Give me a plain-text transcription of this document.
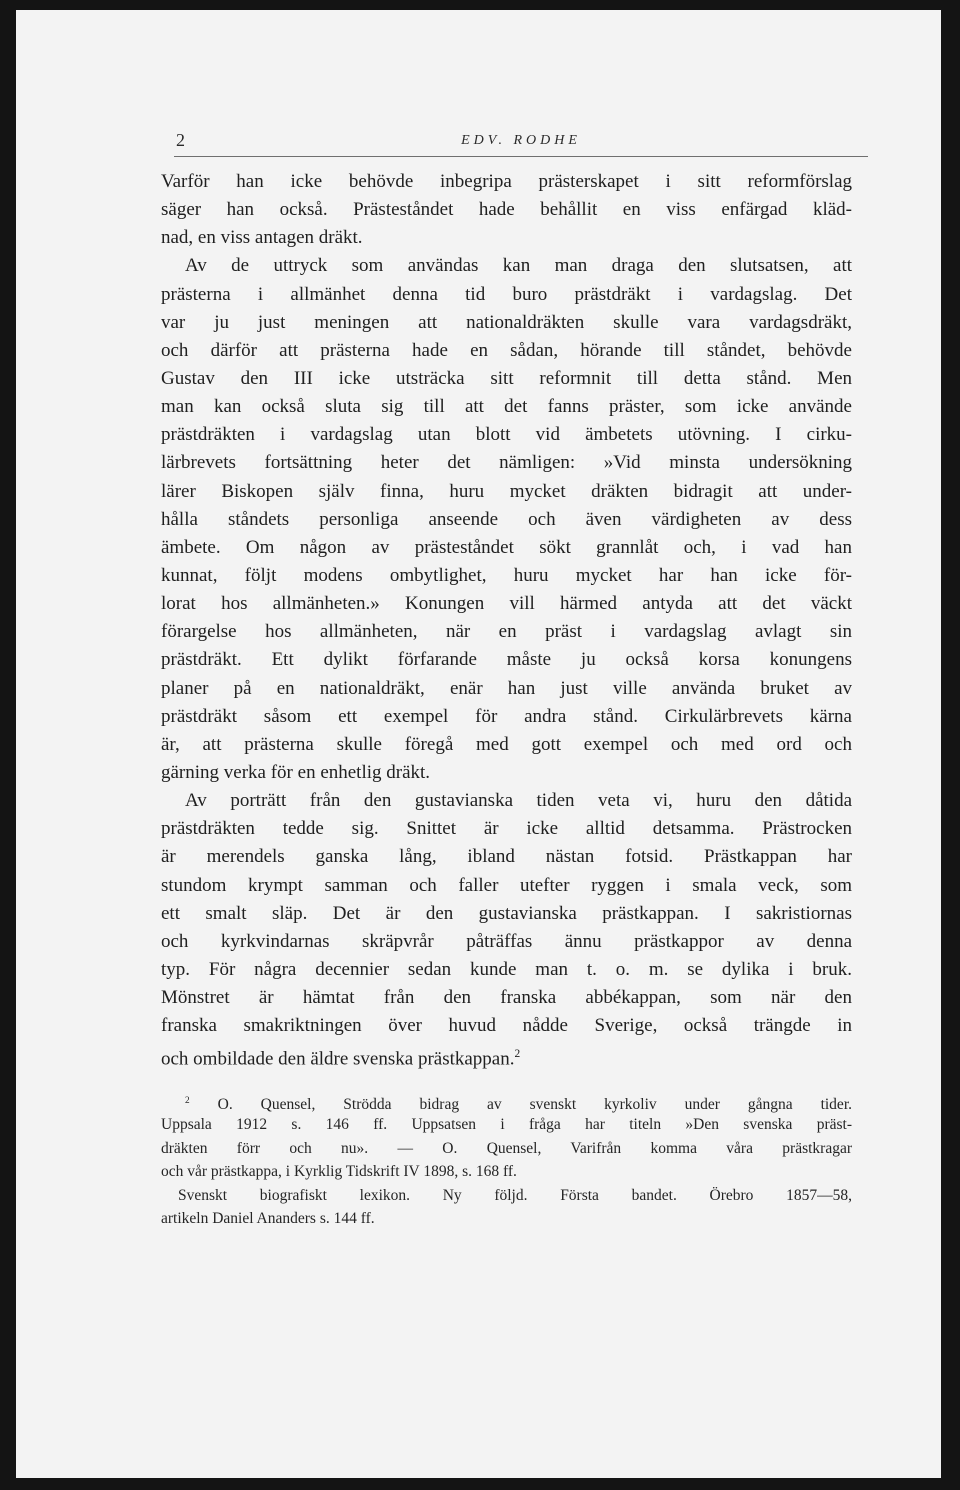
2	EDV. RODHE
Varför han icke behövde inbegripa prästerskapet i sitt reformförslag
säger han också. Prästeståndet hade behållit en viss enfärgad kläd-
nad, en viss antagen dräkt.
Av de uttryck som användas kan man draga den slutsatsen, att
prästerna i allmänhet denna tid buro prästdräkt i vardagslag. Det
var ju just meningen att nationaldräkten skulle vara vardagsdräkt,
och därför att prästerna hade en sådan, hörande till ståndet, behövde
Gustav den III icke utsträcka sitt reformnit till detta stånd. Men
man kan också sluta sig till att det fanns präster, som icke använde
prästdräkten i vardagslag utan blott vid ämbetets utövning. I cirku-
lärbrevets fortsättning heter det nämligen: »Vid minsta undersökning
lärer Biskopen själv finna, huru mycket dräkten bidragit att under-
hålla ståndets personliga anseende och även värdigheten av dess
ämbete. Om någon av prästeståndet sökt grannlåt och, i vad han
kunnat, följt modens ombytlighet, huru mycket har han icke för-
lorat hos allmänheten.» Konungen vill härmed antyda att det väckt
förargelse hos allmänheten, när en präst i vardagslag avlagt sin
prästdräkt. Ett dylikt förfarande måste ju också korsa konungens
planer på en nationaldräkt, enär han just ville använda bruket av
prästdräkt såsom ett exempel för andra stånd. Cirkulärbrevets kärna
är, att prästerna skulle föregå med gott exempel och med ord och
gärning verka för en enhetlig dräkt.
Av porträtt från den gustavianska tiden veta vi, huru den dåtida
prästdräkten tedde sig. Snittet är icke alltid detsamma. Prästrocken
är merendels ganska lång, ibland nästan fotsid. Prästkappan har
stundom krympt samman och faller utefter ryggen i smala veck, som
ett smalt släp. Det är den gustavianska prästkappan. I sakristiornas
och kyrkvindarnas skräpvrår påträffas ännu prästkappor av denna
typ. För några decennier sedan kunde man t. o. m. se dylika i bruk.
Mönstret är hämtat från den franska abbékappan, som när den
franska smakriktningen över huvud nådde Sverige, också trängde in
och ombildade den äldre svenska prästkappan.$^2$
$^2$ O. Quensel, Strödda bidrag av svenskt kyrkoliv under gångna tider.
Uppsala 1912 s. 146 ff. Uppsatsen i fråga har titeln »Den svenska präst-
dräkten förr och nu». — O. Quensel, Varifrån komma våra prästkragar
och vår prästkappa, i Kyrklig Tidskrift IV 1898, s. 168 ff.
Svenskt biografiskt lexikon. Ny följd. Första bandet. Örebro 1857—58,
artikeln Daniel Ananders s. 144 ff.
